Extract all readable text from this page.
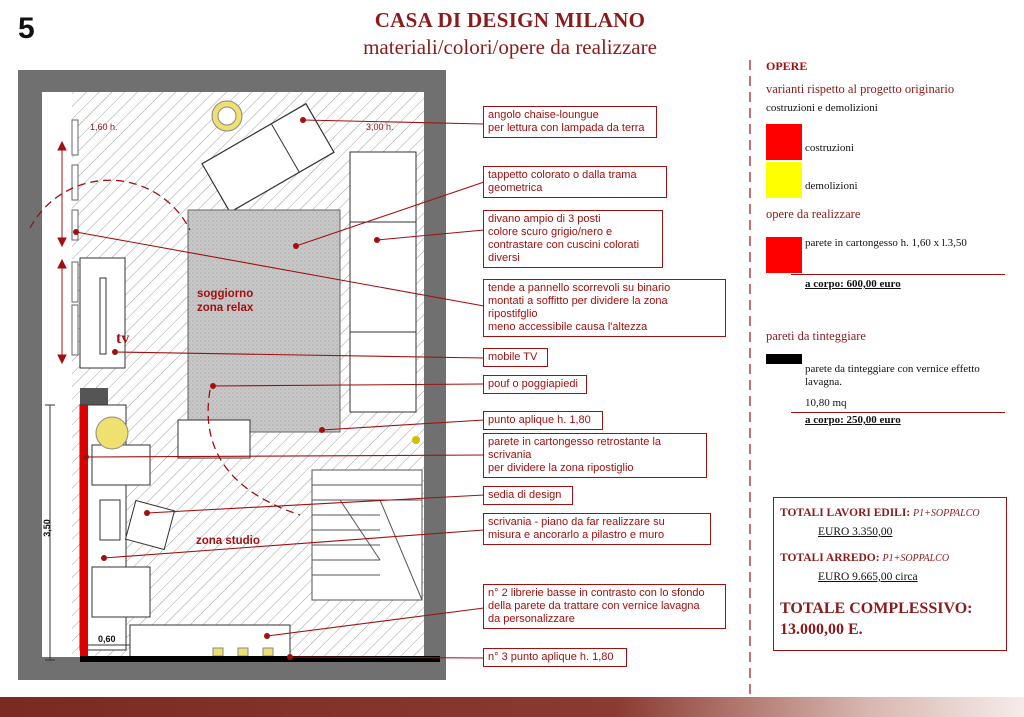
5	CASA DI DESIGN MILANO
materiali/colori/opere da realizzare
1,60 h.	3,00 h.
soggiorno
zona relax
zona studio
tv
3,50
0,60
angolo chaise-loungue
per lettura con lampada da terra
tappetto colorato o dalla trama
geometrica
divano ampio di 3 posti
colore scuro grigio/nero e
contrastare con cuscini colorati
diversi
tende a pannello scorrevoli su binario
montati a soffitto per dividere la zona
ripostifglio
meno accessibile causa l'altezza
mobile TV
pouf o poggiapiedi
punto aplique h. 1,80
parete in cartongesso retrostante la
scrivania
per dividere la zona ripostiglio
sedia di design
scrivania - piano da far realizzare su
misura e ancorarlo a pilastro e muro
n° 2 librerie basse in contrasto con lo sfondo
della parete da trattare con vernice lavagna
da personalizzare
n° 3 punto aplique h. 1,80
OPERE
varianti rispetto al progetto originario
costruzioni e demolizioni
costruzioni
demolizioni
opere da realizzare
parete in cartongesso h. 1,60 x l.3,50
a corpo: 600,00 euro
pareti da tinteggiare
parete da tinteggiare con vernice effetto
lavagna.
10,80 mq
a corpo: 250,00 euro
TOTALI LAVORI EDILI: P1+SOPPALCO
EURO 3.350,00
TOTALI ARREDO: P1+SOPPALCO
EURO 9.665,00 circa
TOTALE COMPLESSIVO:
13.000,00 E.
